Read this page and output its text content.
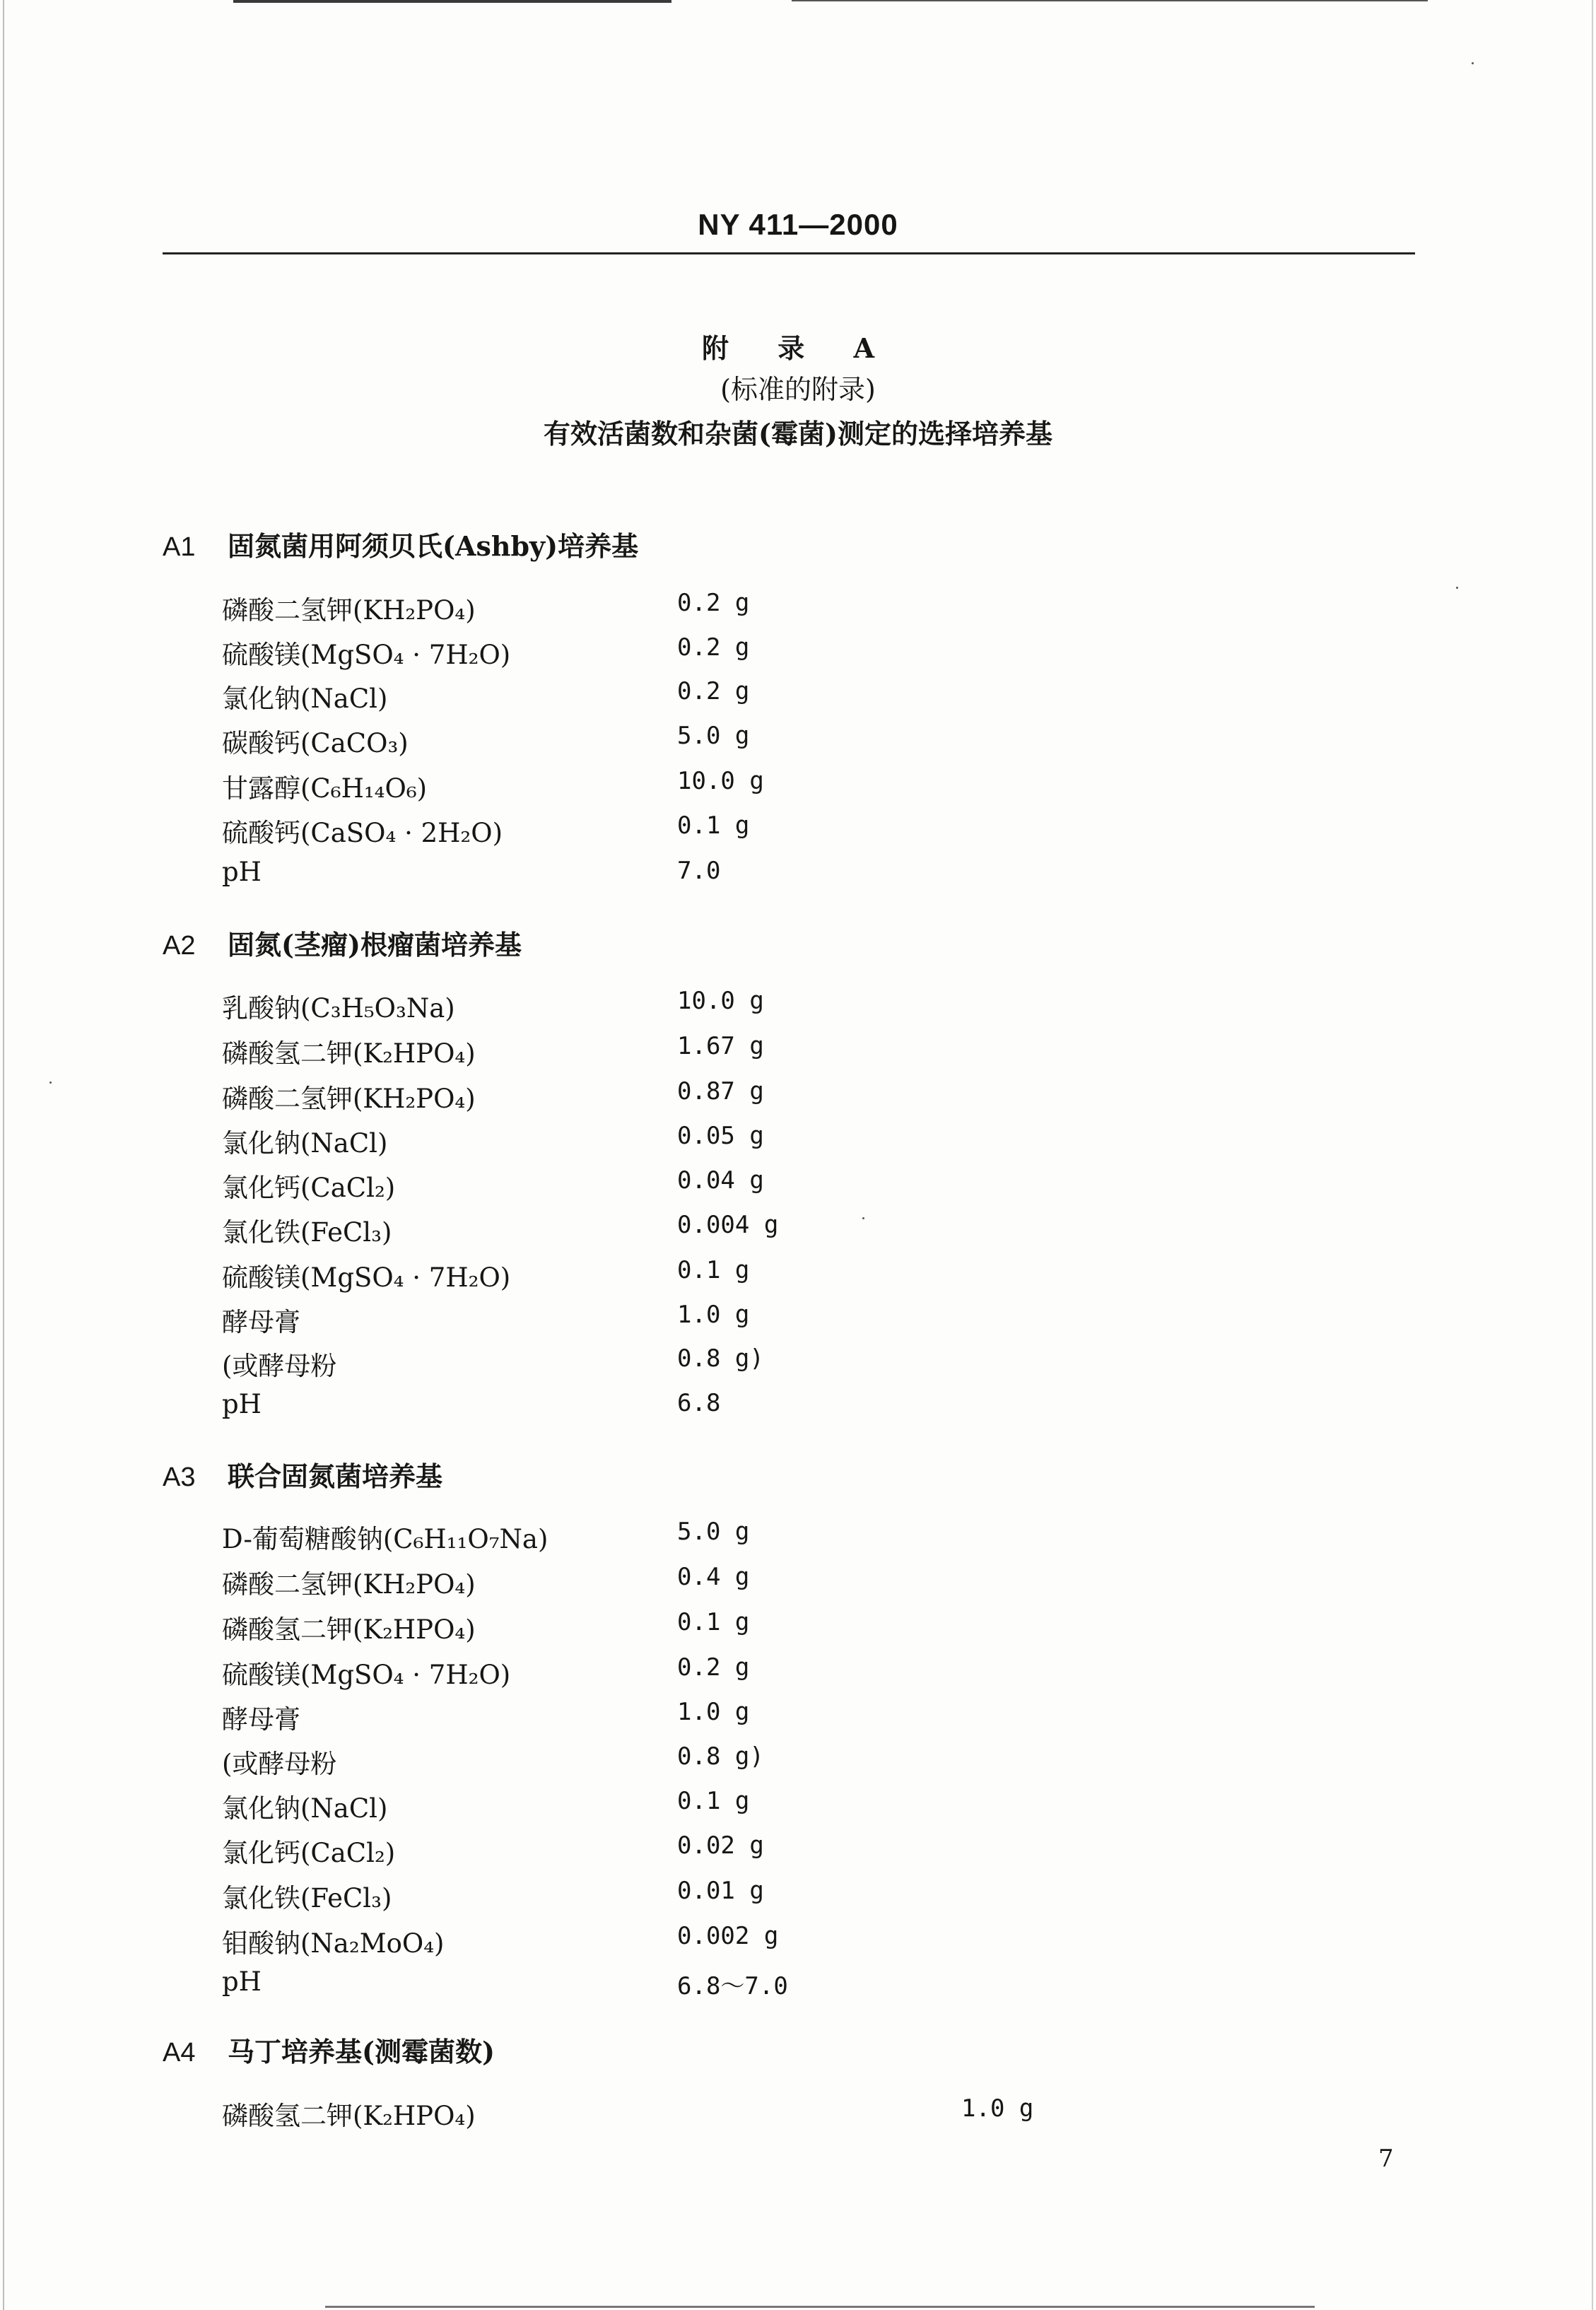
NY 411—2000
附 录 A
(标准的附录)
有效活菌数和杂菌(霉菌)测定的选择培养基
A1 固氮菌用阿须贝氏(Ashby)培养基
磷酸二氢钾(KH₂PO₄)	0.2 g
硫酸镁(MgSO₄ · 7H₂O)	0.2 g
氯化钠(NaCl)	0.2 g
碳酸钙(CaCO₃)	5.0 g
甘露醇(C₆H₁₄O₆)	10.0 g
硫酸钙(CaSO₄ · 2H₂O)	0.1 g
pH	7.0
A2 固氮(茎瘤)根瘤菌培养基
乳酸钠(C₃H₅O₃Na)	10.0 g
磷酸氢二钾(K₂HPO₄)	1.67 g
磷酸二氢钾(KH₂PO₄)	0.87 g
氯化钠(NaCl)	0.05 g
氯化钙(CaCl₂)	0.04 g
氯化铁(FeCl₃)	0.004 g
硫酸镁(MgSO₄ · 7H₂O)	0.1 g
酵母膏	1.0 g
(或酵母粉	0.8 g)
pH	6.8
A3 联合固氮菌培养基
D-葡萄糖酸钠(C₆H₁₁O₇Na)	5.0 g
磷酸二氢钾(KH₂PO₄)	0.4 g
磷酸氢二钾(K₂HPO₄)	0.1 g
硫酸镁(MgSO₄ · 7H₂O)	0.2 g
酵母膏	1.0 g
(或酵母粉	0.8 g)
氯化钠(NaCl)	0.1 g
氯化钙(CaCl₂)	0.02 g
氯化铁(FeCl₃)	0.01 g
钼酸钠(Na₂MoO₄)	0.002 g
pH	6.8～7.0
A4 马丁培养基(测霉菌数)
磷酸氢二钾(K₂HPO₄)	1.0 g
7
